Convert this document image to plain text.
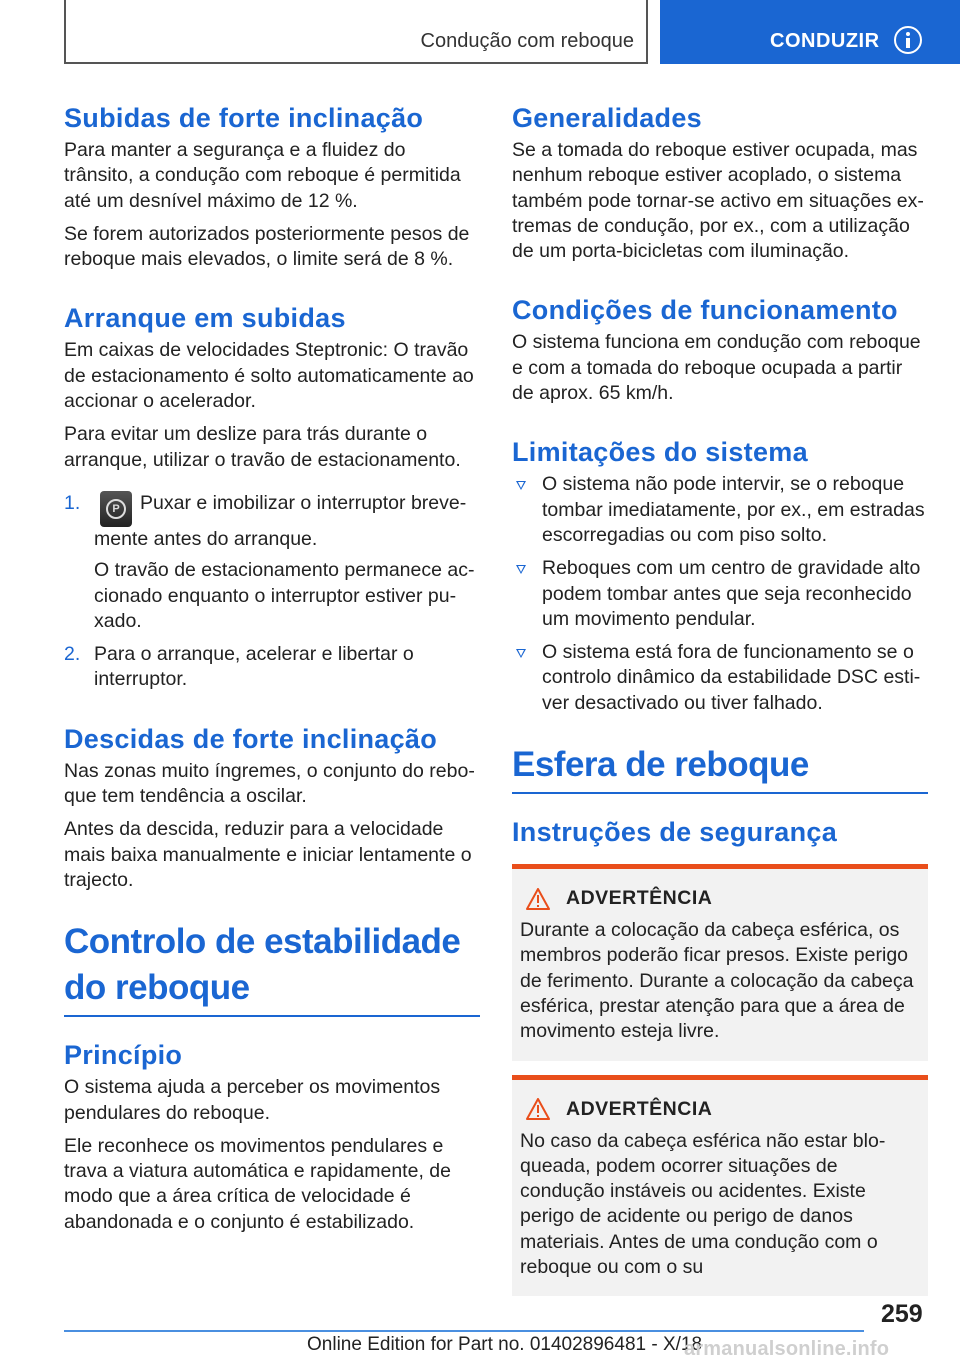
Condução com reboque	CONDUZIR
Subidas de forte inclinação

Para manter a segurança e a fluidez do trânsito, a condução com reboque é permitida até um desnível máximo de 12 %.

Se forem autorizados posteriormente pesos de reboque mais elevados, o limite será de 8 %.

Arranque em subidas

Em caixas de velocidades Steptronic: O travão de estacionamento é solto automaticamente ao accionar o acelerador.

Para evitar um deslize para trás durante o arranque, utilizar o travão de estacionamento.

1.	P	Puxar e imobilizar o interruptor brevemente antes do arranque.

O travão de estacionamento permanece accionado enquanto o interruptor estiver puxado.

2. Para o arranque, acelerar e libertar o interruptor.

Descidas de forte inclinação

Nas zonas muito íngremes, o conjunto do reboque tem tendência a oscilar.

Antes da descida, reduzir para a velocidade mais baixa manualmente e iniciar lentamente o trajecto.

Controlo de estabilidade do reboque
Princípio

O sistema ajuda a perceber os movimentos pendulares do reboque.

Ele reconhece os movimentos pendulares e trava a viatura automática e rapidamente, de modo que a área crítica de velocidade é abandonada e o conjunto é estabilizado.

Generalidades

Se a tomada do reboque estiver ocupada, mas nenhum reboque estiver acoplado, o sistema também pode tornar-se activo em situações extremas de condução, por ex., com a utilização de um porta-bicicletas com iluminação.

Condições de funcionamento

O sistema funciona em condução com reboque e com a tomada do reboque ocupada a partir de aprox. 65 km/h.

Limitações do sistema

O sistema não pode intervir, se o reboque tombar imediatamente, por ex., em estradas escorregadias ou com piso solto.

Reboques com um centro de gravidade alto podem tombar antes que seja reconhecido um movimento pendular.

O sistema está fora de funcionamento se o controlo dinâmico da estabilidade DSC estiver desactivado ou tiver falhado.

Esfera de reboque
Instruções de segurança
ADVERTÊNCIA

Durante a colocação da cabeça esférica, os membros poderão ficar presos. Existe perigo de ferimento. Durante a colocação da cabeça esférica, prestar atenção para que a área de movimento esteja livre.

ADVERTÊNCIA

No caso da cabeça esférica não estar bloqueada, podem ocorrer situações de condução instáveis ou acidentes. Existe perigo de acidente ou perigo de danos materiais. Antes de uma condução com o reboque ou com o su

259
Online Edition for Part no. 01402896481 - X/18
armanualsonline.info
